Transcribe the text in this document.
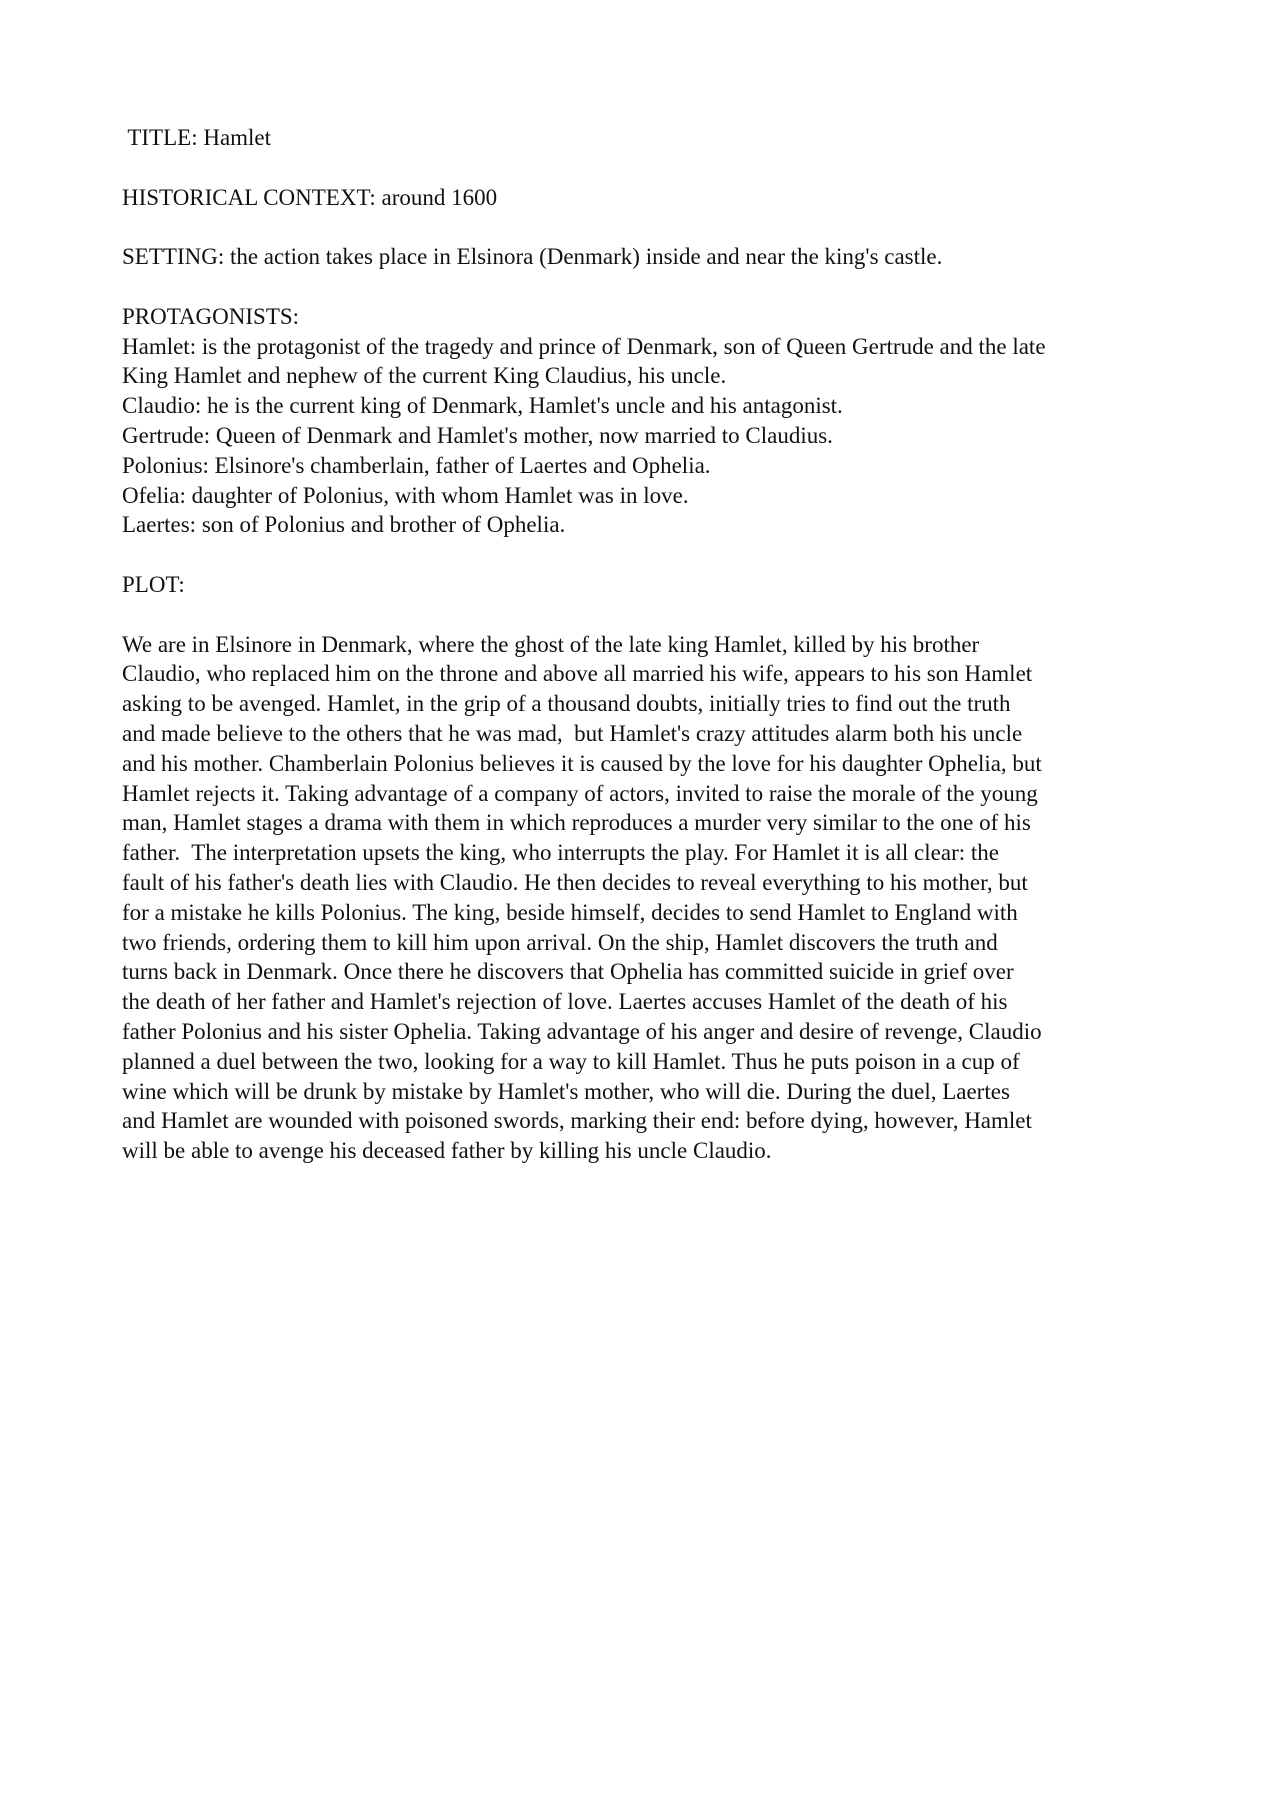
TITLE: Hamlet
HISTORICAL CONTEXT: around 1600
SETTING: the action takes place in Elsinora (Denmark) inside and near the king's castle.
PROTAGONISTS:
Hamlet: is the protagonist of the tragedy and prince of Denmark, son of Queen Gertrude and the late
King Hamlet and nephew of the current King Claudius, his uncle.
Claudio: he is the current king of Denmark, Hamlet's uncle and his antagonist.
Gertrude: Queen of Denmark and Hamlet's mother, now married to Claudius.
Polonius: Elsinore's chamberlain, father of Laertes and Ophelia.
Ofelia: daughter of Polonius, with whom Hamlet was in love.
Laertes: son of Polonius and brother of Ophelia.
PLOT:
We are in Elsinore in Denmark, where the ghost of the late king Hamlet, killed by his brother
Claudio, who replaced him on the throne and above all married his wife, appears to his son Hamlet
asking to be avenged. Hamlet, in the grip of a thousand doubts, initially tries to find out the truth
and made believe to the others that he was mad,  but Hamlet's crazy attitudes alarm both his uncle
and his mother. Chamberlain Polonius believes it is caused by the love for his daughter Ophelia, but
Hamlet rejects it. Taking advantage of a company of actors, invited to raise the morale of the young
man, Hamlet stages a drama with them in which reproduces a murder very similar to the one of his
father.  The interpretation upsets the king, who interrupts the play. For Hamlet it is all clear: the
fault of his father's death lies with Claudio. He then decides to reveal everything to his mother, but
for a mistake he kills Polonius. The king, beside himself, decides to send Hamlet to England with
two friends, ordering them to kill him upon arrival. On the ship, Hamlet discovers the truth and
turns back in Denmark. Once there he discovers that Ophelia has committed suicide in grief over
the death of her father and Hamlet's rejection of love. Laertes accuses Hamlet of the death of his
father Polonius and his sister Ophelia. Taking advantage of his anger and desire of revenge, Claudio
planned a duel between the two, looking for a way to kill Hamlet. Thus he puts poison in a cup of
wine which will be drunk by mistake by Hamlet's mother, who will die. During the duel, Laertes
and Hamlet are wounded with poisoned swords, marking their end: before dying, however, Hamlet
will be able to avenge his deceased father by killing his uncle Claudio.
